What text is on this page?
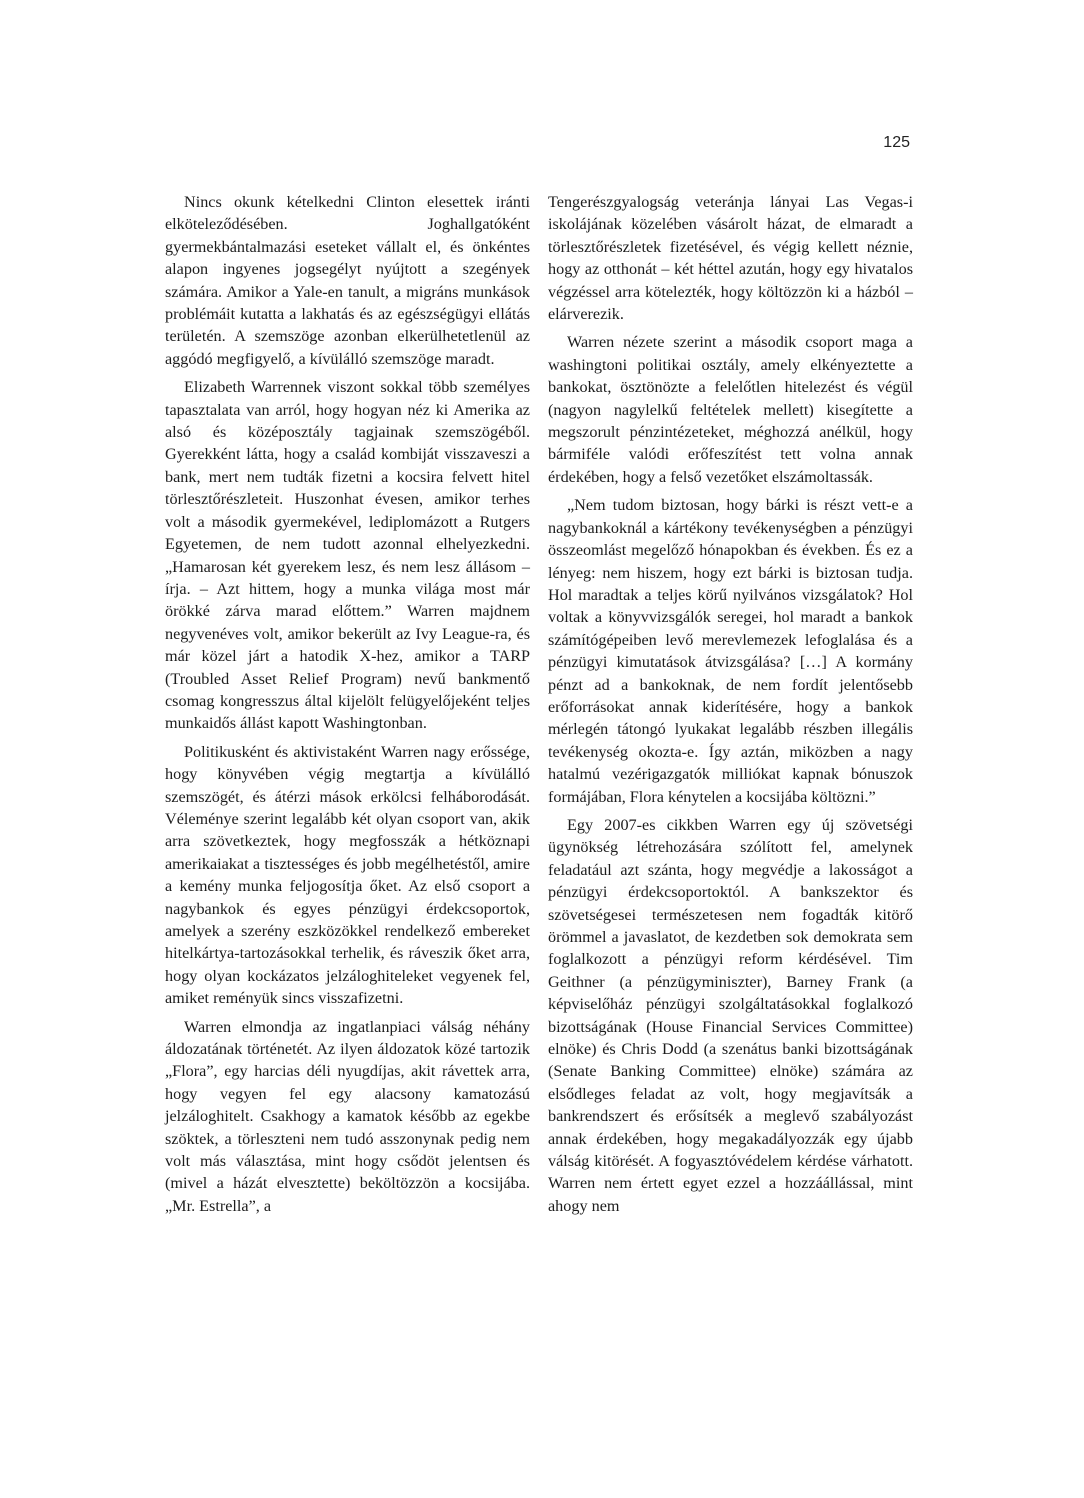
125

Nincs okunk kételkedni Clinton elesettek iránti elköteleződésében. Joghallgatóként gyermekbántalmazási eseteket vállalt el, és önkéntes alapon ingyenes jogsegélyt nyújtott a szegények számára. Amikor a Yale-en tanult, a migráns munkások problémáit kutatta a lakhatás és az egészségügyi ellátás területén. A szemszöge azonban elkerülhetetlenül az aggódó megfigyelő, a kívülálló szemszöge maradt.

Elizabeth Warrennek viszont sokkal több személyes tapasztalata van arról, hogy hogyan néz ki Amerika az alsó és középosztály tagjainak szemszögéből. Gyerekként látta, hogy a család kombiját visszaveszi a bank, mert nem tudták fizetni a kocsira felvett hitel törlesztőrészleteit. Huszonhat évesen, amikor terhes volt a második gyermekével, lediplomázott a Rutgers Egyetemen, de nem tudott azonnal elhelyezkedni. „Hamarosan két gyerekem lesz, és nem lesz állásom – írja. – Azt hittem, hogy a munka világa most már örökké zárva marad előttem.” Warren majdnem negyvenéves volt, amikor bekerült az Ivy League-ra, és már közel járt a hatodik X-hez, amikor a TARP (Troubled Asset Relief Program) nevű bankmentő csomag kongresszus által kijelölt felügyelőjeként teljes munkaidős állást kapott Washingtonban.

Politikusként és aktivistaként Warren nagy erőssége, hogy könyvében végig megtartja a kívülálló szemszögét, és átérzi mások erkölcsi felháborodását. Véleménye szerint legalább két olyan csoport van, akik arra szövetkeztek, hogy megfosszák a hétköznapi amerikaiakat a tisztességes és jobb megélhetéstől, amire a kemény munka feljogosítja őket. Az első csoport a nagybankok és egyes pénzügyi érdekcsoportok, amelyek a szerény eszközökkel rendelkező embereket hitelkártya-tartozásokkal terhelik, és ráveszik őket arra, hogy olyan kockázatos jelzáloghiteleket vegyenek fel, amiket reményük sincs visszafizetni.

Warren elmondja az ingatlanpiaci válság néhány áldozatának történetét. Az ilyen áldozatok közé tartozik „Flora”, egy harcias déli nyugdíjas, akit rávettek arra, hogy vegyen fel egy alacsony kamatozású jelzáloghitelt. Csakhogy a kamatok később az egekbe szöktek, a törleszteni nem tudó asszonynak pedig nem volt más választása, mint hogy csődöt jelentsen és (mivel a házát elvesztette) beköltözzön a kocsijába. „Mr. Estrella”, a

Tengerészgyalogság veteránja lányai Las Vegas-i iskolájának közelében vásárolt házat, de elmaradt a törlesztőrészletek fizetésével, és végig kellett néznie, hogy az otthonát – két héttel azután, hogy egy hivatalos végzéssel arra kötelezték, hogy költözzön ki a házból – elárverezik.

Warren nézete szerint a második csoport maga a washingtoni politikai osztály, amely elkényeztette a bankokat, ösztönözte a felelőtlen hitelezést és végül (nagyon nagylelkű feltételek mellett) kisegítette a megszorult pénzintézeteket, méghozzá anélkül, hogy bármiféle valódi erőfeszítést tett volna annak érdekében, hogy a felső vezetőket elszámoltassák.

„Nem tudom biztosan, hogy bárki is részt vett-e a nagybankoknál a kártékony tevékenységben a pénzügyi összeomlást megelőző hónapokban és években. És ez a lényeg: nem hiszem, hogy ezt bárki is biztosan tudja. Hol maradtak a teljes körű nyilvános vizsgálatok? Hol voltak a könyvvizsgálók seregei, hol maradt a bankok számítógépeiben levő merevlemezek lefoglalása és a pénzügyi kimutatások átvizsgálása? […] A kormány pénzt ad a bankoknak, de nem fordít jelentősebb erőforrásokat annak kiderítésére, hogy a bankok mérlegén tátongó lyukakat legalább részben illegális tevékenység okozta-e. Így aztán, miközben a nagy hatalmú vezérigazgatók milliókat kapnak bónuszok formájában, Flora kénytelen a kocsijába költözni.”

Egy 2007-es cikkben Warren egy új szövetségi ügynökség létrehozására szólított fel, amelynek feladatául azt szánta, hogy megvédje a lakosságot a pénzügyi érdekcsoportoktól. A bankszektor és szövetségesei természetesen nem fogadták kitörő örömmel a javaslatot, de kezdetben sok demokrata sem foglalkozott a pénzügyi reform kérdésével. Tim Geithner (a pénzügyminiszter), Barney Frank (a képviselőház pénzügyi szolgáltatásokkal foglalkozó bizottságának (House Financial Services Committee) elnöke) és Chris Dodd (a szenátus banki bizottságának (Senate Banking Committee) elnöke) számára az elsődleges feladat az volt, hogy megjavítsák a bankrendszert és erősítsék a meglevő szabályozást annak érdekében, hogy megakadályozzák egy újabb válság kitörését. A fogyasztóvédelem kérdése várhatott. Warren nem értett egyet ezzel a hozzáállással, mint ahogy nem
